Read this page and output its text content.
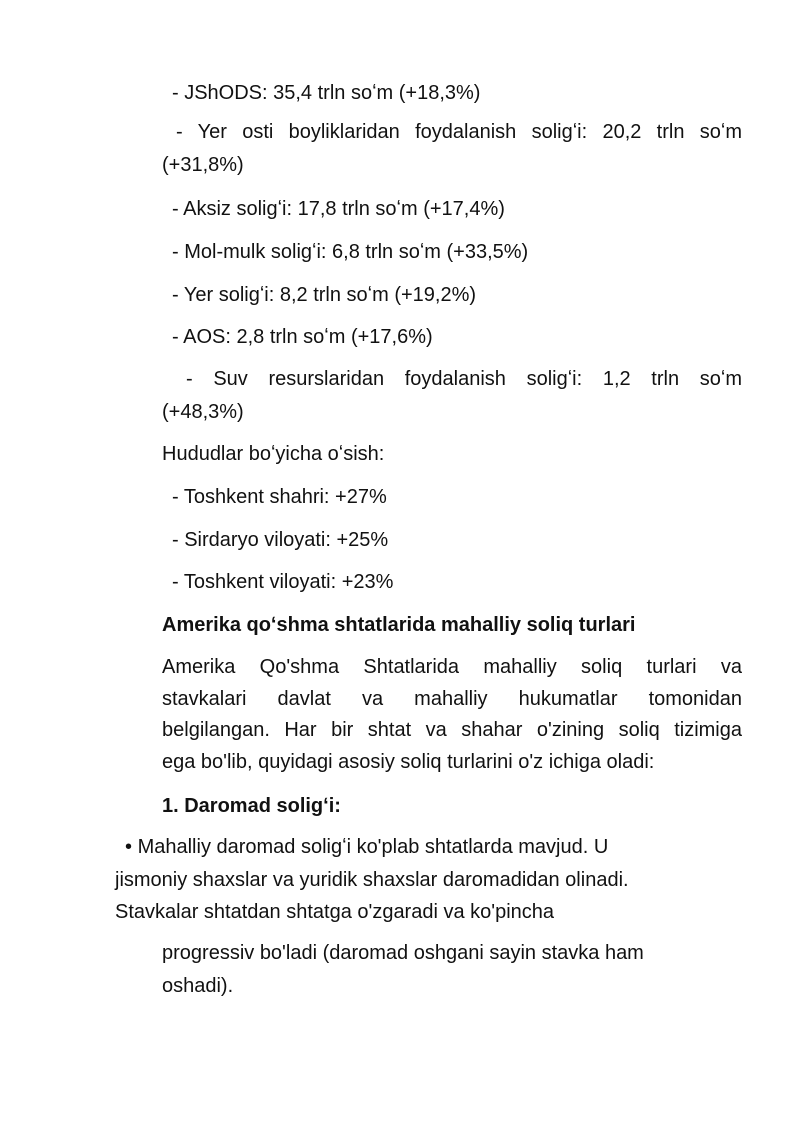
- JShODS: 35,4 trln soʻm (+18,3%)
- Yer osti boyliklaridan foydalanish soligʻi: 20,2 trln soʻm
(+31,8%)
- Aksiz soligʻi: 17,8 trln soʻm (+17,4%)
- Mol-mulk soligʻi: 6,8 trln soʻm (+33,5%)
- Yer soligʻi: 8,2 trln soʻm (+19,2%)
- AOS: 2,8 trln soʻm (+17,6%)
- Suv resurslaridan foydalanish soligʻi: 1,2 trln soʻm
(+48,3%)
Hududlar boʻyicha oʻsish:
- Toshkent shahri: +27%
- Sirdaryo viloyati: +25%
- Toshkent viloyati: +23%
Amerika qoʻshma shtatlarida mahalliy soliq turlari
Amerika Qo'shma Shtatlarida mahalliy soliq turlari va
stavkalari davlat va mahalliy hukumatlar tomonidan
belgilangan. Har bir shtat va shahar o'zining soliq tizimiga
ega bo'lib, quyidagi asosiy soliq turlarini o'z ichiga oladi:
1. Daromad soligʻi:
• Mahalliy daromad soligʻi ko'plab shtatlarda mavjud. U
jismoniy shaxslar va yuridik shaxslar daromadidan olinadi.
Stavkalar shtatdan shtatga o'zgaradi va ko'pincha
progressiv bo'ladi (daromad oshgani sayin stavka ham
oshadi).
